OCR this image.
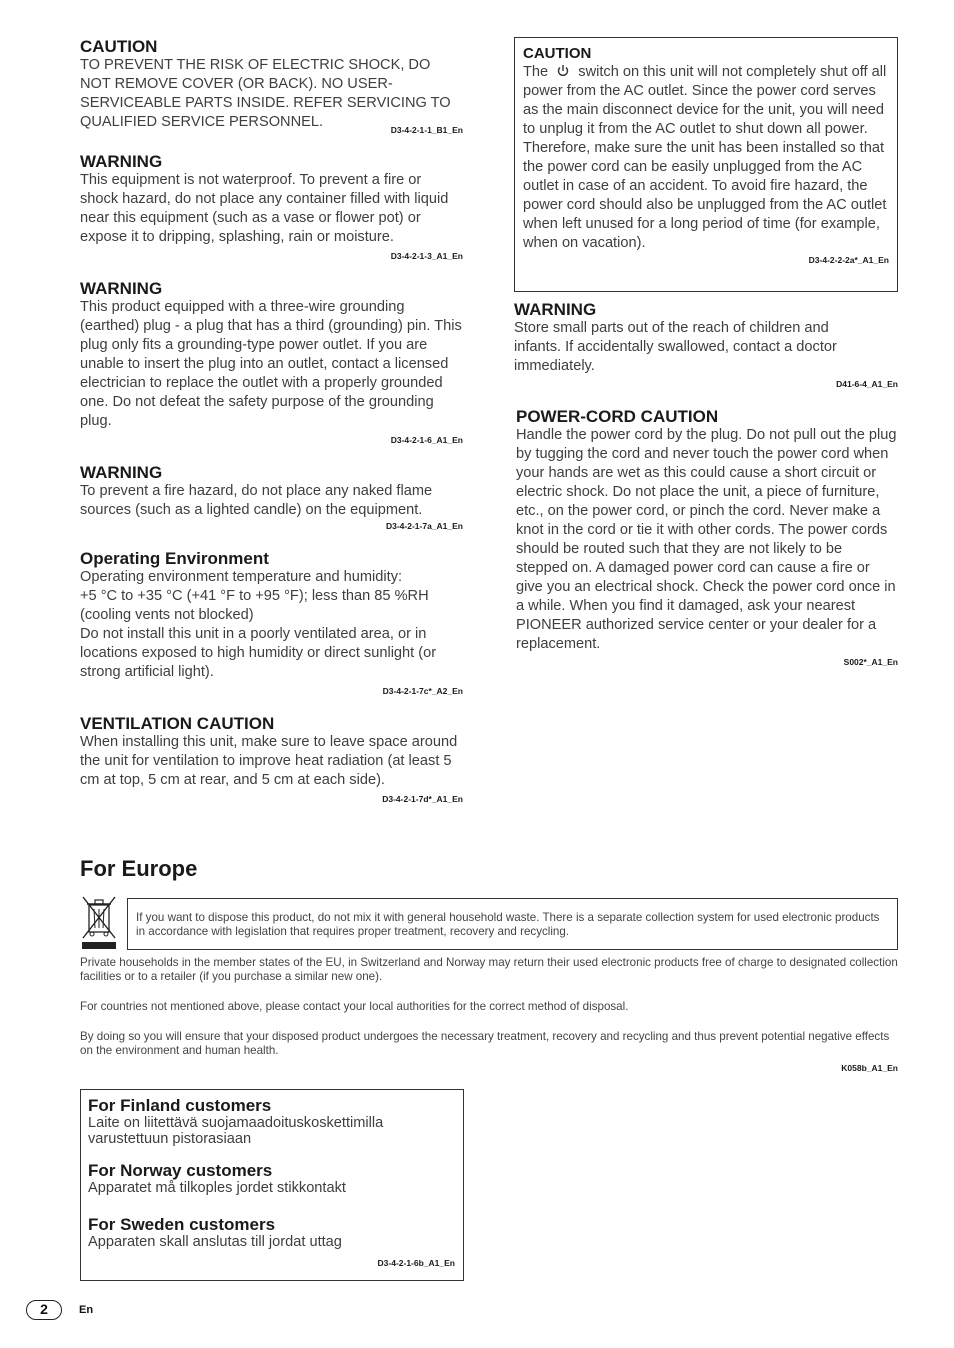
CAUTION

TO PREVENT THE RISK OF ELECTRIC SHOCK, DO NOT REMOVE COVER (OR BACK). NO USER-SERVICEABLE PARTS INSIDE. REFER SERVICING TO QUALIFIED SERVICE PERSONNEL.	D3-4-2-1-1_B1_En

WARNING

This equipment is not waterproof. To prevent a fire or shock hazard, do not place any container filled with liquid near this equipment (such as a vase or flower pot) or expose it to dripping, splashing, rain or moisture.

D3-4-2-1-3_A1_En

WARNING

This product equipped with a three-wire grounding (earthed) plug - a plug that has a third (grounding) pin. This plug only fits a grounding-type power outlet. If you are unable to insert the plug into an outlet, contact a licensed electrician to replace the outlet with a properly grounded one. Do not defeat the safety purpose of the grounding plug.

D3-4-2-1-6_A1_En

WARNING

To prevent a fire hazard, do not place any naked flame sources (such as a lighted candle) on the equipment.

D3-4-2-1-7a_A1_En

Operating Environment

Operating environment temperature and humidity:

+5 °C to +35 °C (+41 °F to +95 °F); less than 85 %RH (cooling vents not blocked)

Do not install this unit in a poorly ventilated area, or in locations exposed to high humidity or direct sunlight (or strong artificial light).

D3-4-2-1-7c*_A2_En

VENTILATION CAUTION

When installing this unit, make sure to leave space around the unit for ventilation to improve heat radiation (at least 5 cm at top, 5 cm at rear, and 5 cm at each side).

D3-4-2-1-7d*_A1_En

CAUTION

The switch on this unit will not completely shut off all power from the AC outlet. Since the power cord serves as the main disconnect device for the unit, you will need to unplug it from the AC outlet to shut down all power. Therefore, make sure the unit has been installed so that the power cord can be easily unplugged from the AC outlet in case of an accident. To avoid fire hazard, the power cord should also be unplugged from the AC outlet when left unused for a long period of time (for example, when on vacation).

D3-4-2-2-2a*_A1_En

WARNING

Store small parts out of the reach of children and infants. If accidentally swallowed, contact a doctor immediately.

D41-6-4_A1_En

POWER-CORD CAUTION

Handle the power cord by the plug. Do not pull out the plug by tugging the cord and never touch the power cord when your hands are wet as this could cause a short circuit or electric shock. Do not place the unit, a piece of furniture, etc., on the power cord, or pinch the cord. Never make a knot in the cord or tie it with other cords. The power cords should be routed such that they are not likely to be stepped on. A damaged power cord can cause a fire or give you an electrical shock. Check the power cord once in a while. When you find it damaged, ask your nearest PIONEER authorized service center or your dealer for a replacement.

S002*_A1_En

For Europe

If you want to dispose this product, do not mix it with general household waste. There is a separate collection system for used electronic products in accordance with legislation that requires proper treatment, recovery and recycling.

Private households in the member states of the EU, in Switzerland and Norway may return their used electronic products free of charge to designated collection facilities or to a retailer (if you purchase a similar new one).

For countries not mentioned above, please contact your local authorities for the correct method of disposal.

By doing so you will ensure that your disposed product undergoes the necessary treatment, recovery and recycling and thus prevent potential negative effects on the environment and human health.

K058b_A1_En

For Finland customers

Laite on liitettävä suojamaadoituskoskettimilla varustettuun pistorasiaan

For Norway customers

Apparatet må tilkoples jordet stikkontakt

For Sweden customers

Apparaten skall anslutas till jordat uttag

D3-4-2-1-6b_A1_En

2	En
